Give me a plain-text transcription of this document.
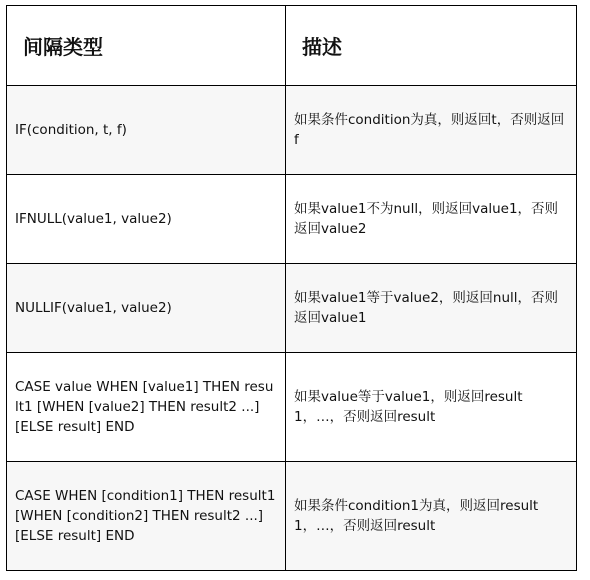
间隔类型	描述
IF(condition, t, f)	如果条件condition为真，则返回t，否则返回f
IFNULL(value1, value2)	如果value1不为null，则返回value1，否则返回value2
NULLIF(value1, value2)	如果value1等于value2，则返回null，否则返回value1
CASE value WHEN [value1] THEN result1 [WHEN [value2] THEN result2 ...] [ELSE result] END	如果value等于value1，则返回result1，…，否则返回result
CASE WHEN [condition1] THEN result1 [WHEN [condition2] THEN result2 ...] [ELSE result] END	如果条件condition1为真，则返回result1，…，否则返回result
